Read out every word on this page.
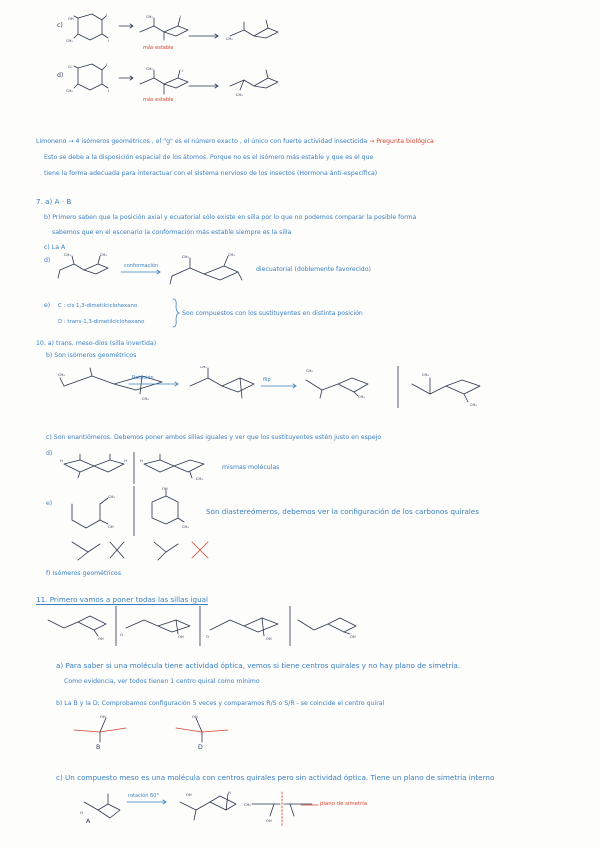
c)
OH
I
CH₃	I
CH₃	I
más estable
CH₃
d)
Cl	I
CH₃	I
CH₃	I
más estable
CH₃
Limoneno → 4 isómeros geométricos , el "g" es el número exacto , el único con fuerte actividad insecticida → Pregunta biológica
Esto se debe a la disposición espacial de los átomos. Porque no es el isómero más estable y que es el que
tiene la forma adecuada para interactuar con el sistema nervioso de los insectos (Hormona ánti-específica)
7. a) A · B
b) Primero saben que la posición axial y ecuatorial sólo existe en silla por lo que no podemos comparar la posible forma
sabemos que en el escenario la conformación más estable siempre es la silla
c) La A
d)
CH₃	CH₃
conformación
CH₃	CH₃
diecuatorial (doblemente favorecido)
e) C : cis 1,3-dimetilciclohexano
D : trans-1,3-dimetilciclohexano
Son compuestos con los sustituyentes en distinta posición
10. a) trans, meso-dios (silla invertida)
b) Son isómeros geométricos
CH₃
CH₃
Rotación
CH₃
flip
CH₃
CH₃
CH₃
CH₃
c) Son enantiómeros. Debemos poner ambos sillas iguales y ver que los sustituyentes estén justo en espejo
d)
H	H	H
CH₃
mismas moléculas
e)
CH₃
OH
OH
CH₃
Son diastereómeros, debemos ver la configuración de los carbonos quirales
f) Isómeros geométricos
11. Primero vamos a poner todas las sillas igual
OH
O	OH	O	OH	OH
a) Para saber si una molécula tiene actividad óptica, vemos si tiene centros quirales y no hay plano de simetría.
Como evidencia, ver todos tienen 1 centro quiral como mínimo
b) La B y la D: Comprobamos configuración 5 veces y comparamos R/S o S/R - se coincide el centro quiral
OH
B
OH
D
c) Un compuesto meso es una molécula con centros quirales pero sin actividad óptica. Tiene un plano de simetría interno
O
A
rotación 60°	OH	H
CH₃
OH
plano de simetría
